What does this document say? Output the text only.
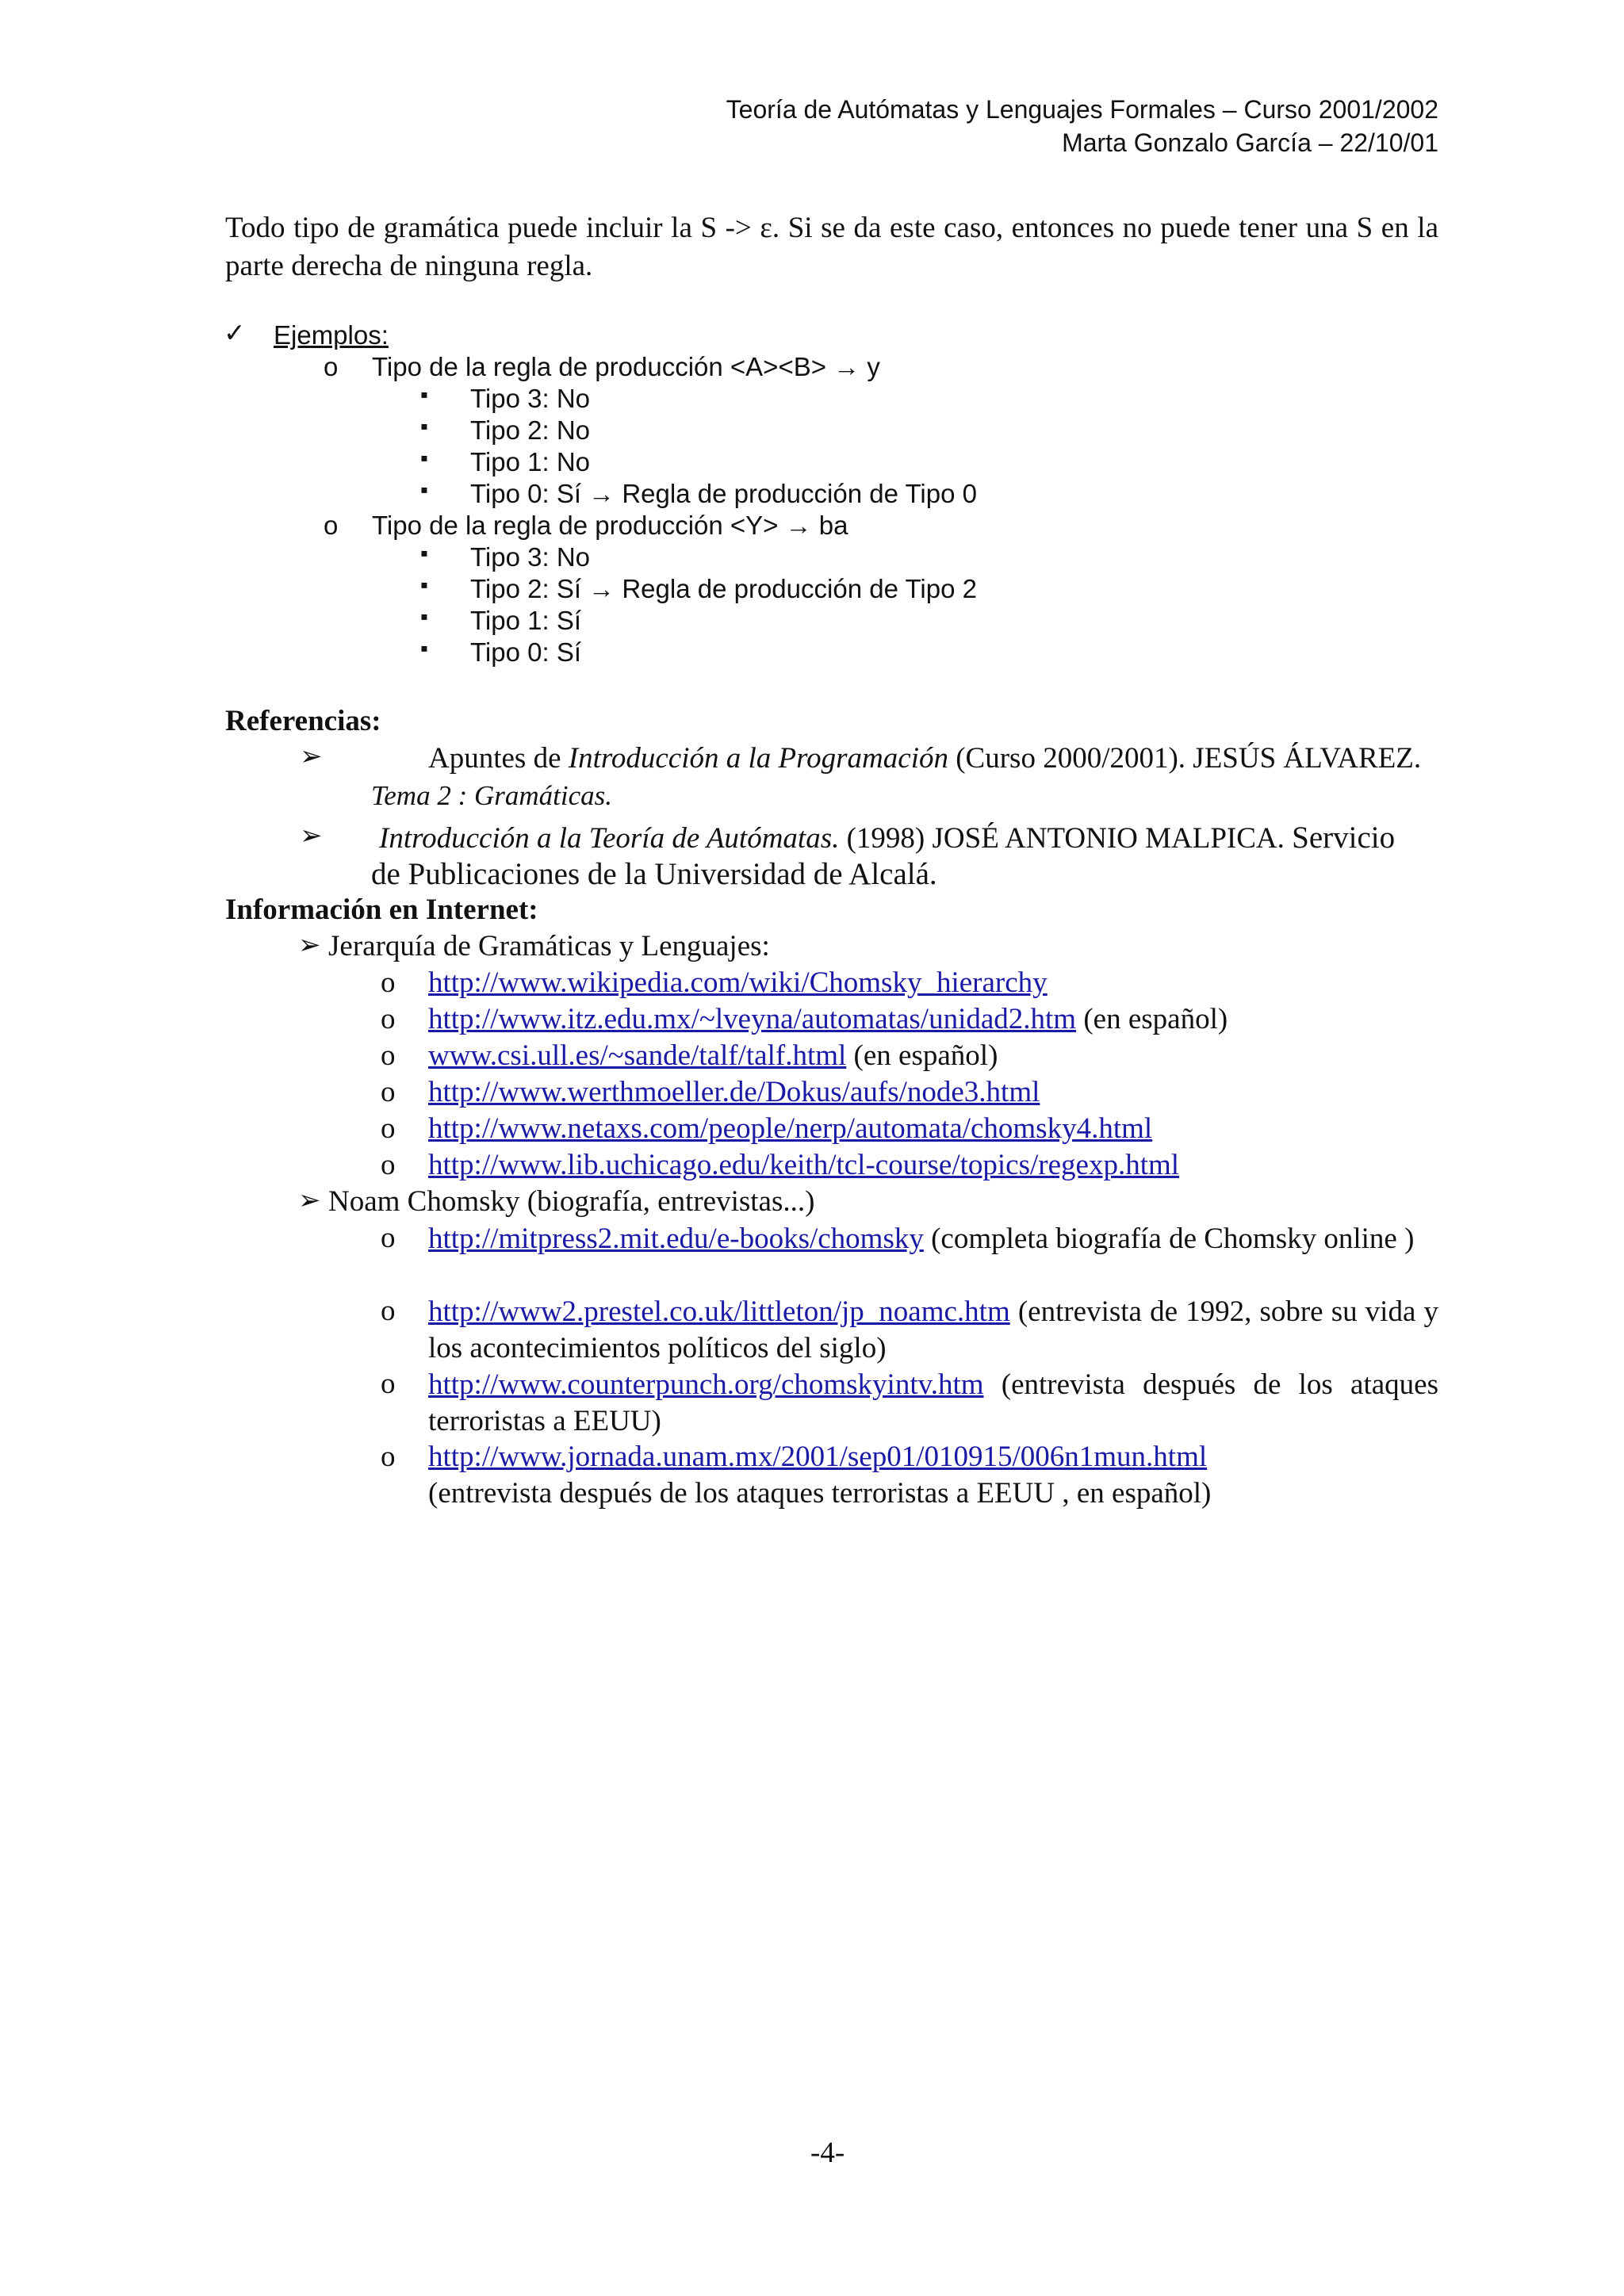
Teoría de Autómatas y Lenguajes Formales – Curso 2001/2002
Marta Gonzalo García – 22/10/01
Todo tipo de gramática puede incluir la S -> ε. Si se da este caso, entonces no puede tener una S en la parte derecha de ninguna regla.
✓ Ejemplos:
o Tipo de la regla de producción <A><B> → y
▪ Tipo 3: No
▪ Tipo 2: No
▪ Tipo 1: No
▪ Tipo 0: Sí → Regla de producción de Tipo 0
o Tipo de la regla de producción <Y> → ba
▪ Tipo 3: No
▪ Tipo 2: Sí → Regla de producción de Tipo 2
▪ Tipo 1: Sí
▪ Tipo 0: Sí
Referencias:
➢	Apuntes de Introducción a la Programación (Curso 2000/2001). JESÚS ÁLVAREZ.
Tema 2 : Gramáticas.
➢ Introducción a la Teoría de Autómatas. (1998) JOSÉ ANTONIO MALPICA. Servicio
de Publicaciones de la Universidad de Alcalá.
Información en Internet:
➢ Jerarquía de Gramáticas y Lenguajes:
o http://www.wikipedia.com/wiki/Chomsky_hierarchy
o http://www.itz.edu.mx/~lveyna/automatas/unidad2.htm (en español)
o www.csi.ull.es/~sande/talf/talf.html (en español)
o http://www.werthmoeller.de/Dokus/aufs/node3.html
o http://www.netaxs.com/people/nerp/automata/chomsky4.html
o http://www.lib.uchicago.edu/keith/tcl-course/topics/regexp.html
➢ Noam Chomsky (biografía, entrevistas...)
o http://mitpress2.mit.edu/e-books/chomsky (completa biografía de Chomsky online )
o http://www2.prestel.co.uk/littleton/jp_noamc.htm (entrevista de 1992, sobre su vida y los acontecimientos políticos del siglo)
o http://www.counterpunch.org/chomskyintv.htm (entrevista después de los ataques terroristas a EEUU)
o http://www.jornada.unam.mx/2001/sep01/010915/006n1mun.html
(entrevista después de los ataques terroristas a EEUU , en español)
-4-
